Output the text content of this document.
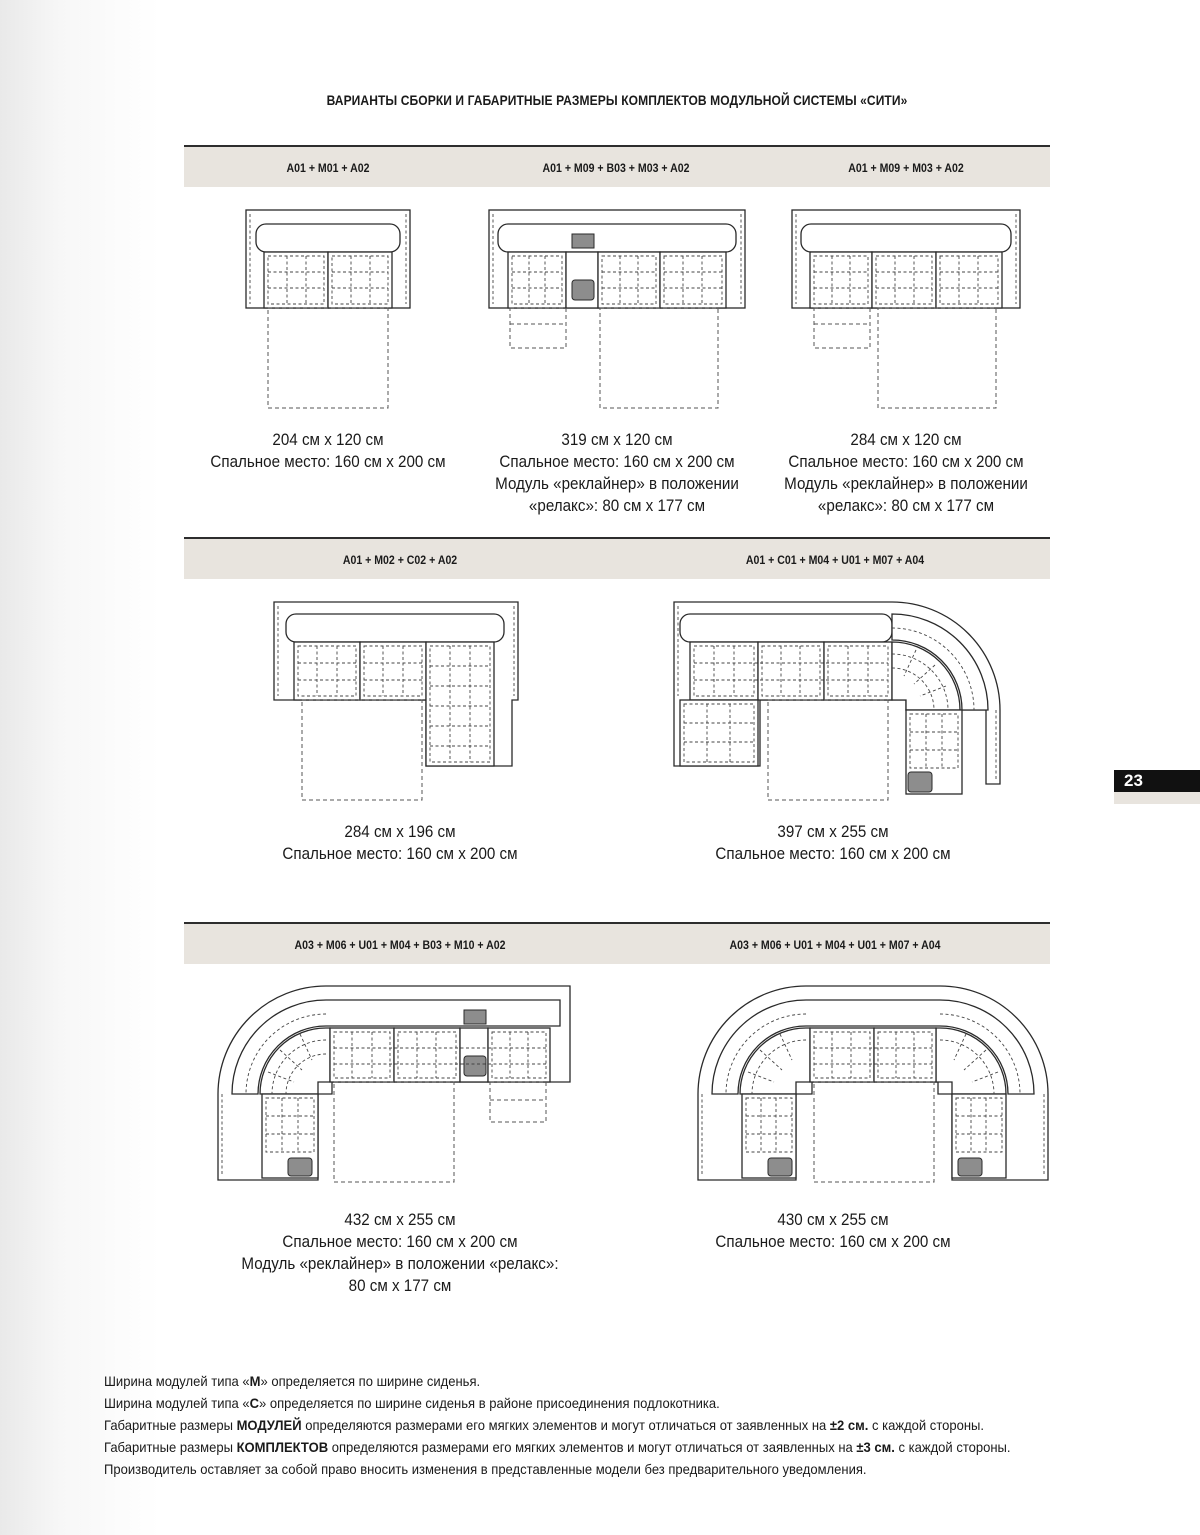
ВАРИАНТЫ СБОРКИ И ГАБАРИТНЫЕ РАЗМЕРЫ КОМПЛЕКТОВ МОДУЛЬНОЙ СИСТЕМЫ «СИТИ»
A01 + M01 + A02	A01 + M09 + B03 + M03 + A02	A01 + M09 + M03 + A02
A01 + M02 + C02 + A02	A01 + C01 + M04 + U01 + M07 + A04
A03 + M06 + U01 + M04 + B03 + M10 + A02	A03 + M06 + U01 + M04 + U01 + M07 + A04
204 см х 120 см
Спальное место: 160 см х 200 см
319 см х 120 см
Спальное место: 160 см х 200 см
Модуль «реклайнер» в положении
«релакс»: 80 см х 177 см
284 см х 120 см
Спальное место: 160 см х 200 см
Модуль «реклайнер» в положении
«релакс»: 80 см х 177 см
284 см х 196 см
Спальное место: 160 см х 200 см
397 см х 255 см
Спальное место: 160 см х 200 см
432 см х 255 см
Спальное место: 160 см х 200 см
Модуль «реклайнер» в положении «релакс»:
80 см х 177 см
430 см х 255 см
Спальное место: 160 см х 200 см
23
Ширина модулей типа «М» определяется по ширине сиденья.
Ширина модулей типа «С» определяется по ширине сиденья в районе присоединения подлокотника.
Габаритные размеры МОДУЛЕЙ определяются размерами его мягких элементов и могут отличаться от заявленных на ±2 см. с каждой стороны.
Габаритные размеры КОМПЛЕКТОВ определяются размерами его мягких элементов и могут отличаться от заявленных на ±3 см. с каждой стороны.
Производитель оставляет за собой право вносить изменения в представленные модели без предварительного уведомления.
